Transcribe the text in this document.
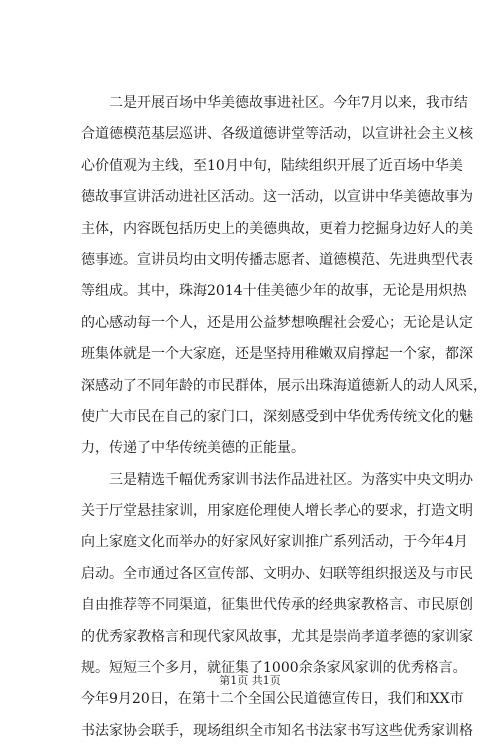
二是开展百场中华美德故事进社区。今年7月以来，我市结
合道德模范基层巡讲、各级道德讲堂等活动，以宣讲社会主义核
心价值观为主线，至10月中旬，陆续组织开展了近百场中华美
德故事宣讲活动进社区活动。这一活动，以宣讲中华美德故事为
主体，内容既包括历史上的美德典故，更着力挖掘身边好人的美
德事迹。宣讲员均由文明传播志愿者、道德模范、先进典型代表
等组成。其中，珠海2014十佳美德少年的故事，无论是用炽热
的心感动每一个人，还是用公益梦想唤醒社会爱心；无论是认定
班集体就是一个大家庭，还是坚持用稚嫩双肩撑起一个家，都深
深感动了不同年龄的市民群体，展示出珠海道德新人的动人风采，
使广大市民在自己的家门口，深刻感受到中华优秀传统文化的魅
力，传递了中华传统美德的正能量。
三是精选千幅优秀家训书法作品进社区。为落实中央文明办
关于厅堂悬挂家训，用家庭伦理使人增长孝心的要求，打造文明
向上家庭文化而举办的好家风好家训推广系列活动，于今年4月
启动。全市通过各区宣传部、文明办、妇联等组织报送及与市民
自由推荐等不同渠道，征集世代传承的经典家教格言、市民原创
的优秀家教格言和现代家风故事，尤其是崇尚孝道孝德的家训家
规。短短三个多月，就征集了1000余条家风家训的优秀格言。
今年9月20日，在第十二个全国公民道德宣传日，我们和XX市
书法家协会联手，现场组织全市知名书法家书写这些优秀家训格
第1页 共1页
